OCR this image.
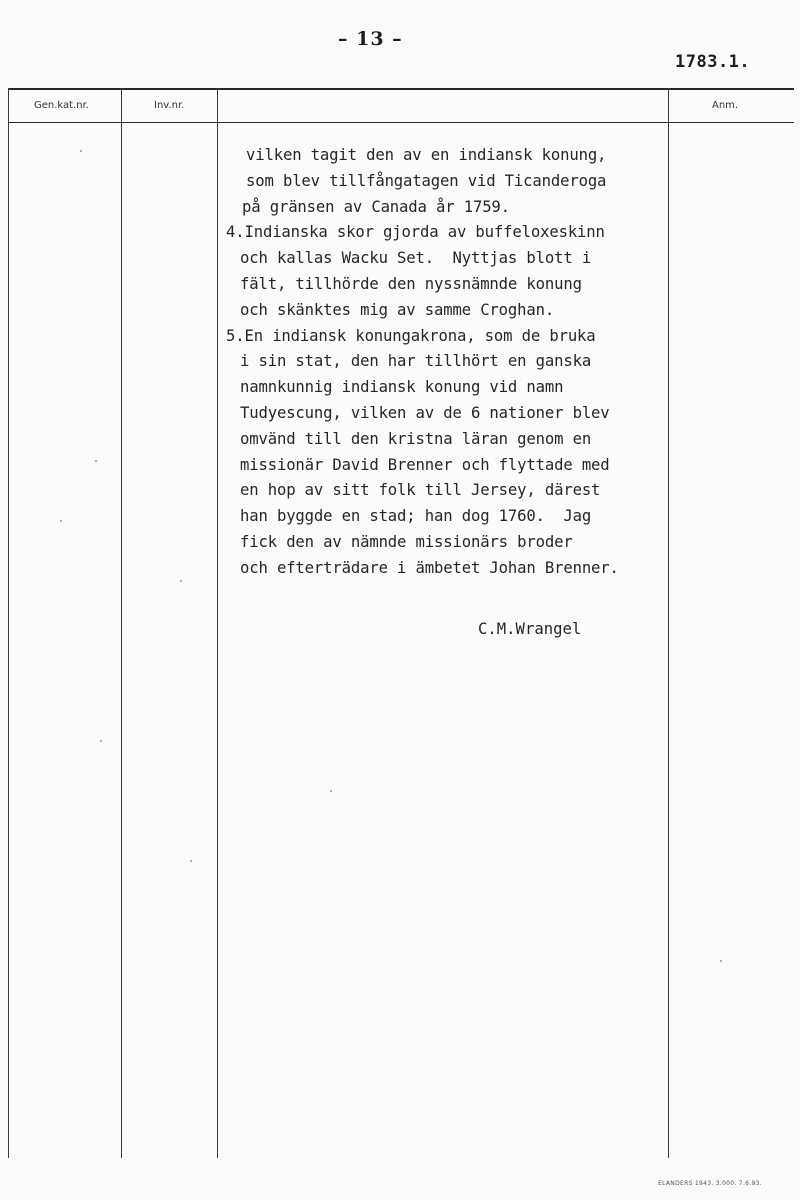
– 13 –
1783.1.
Gen.kat.nr.	Inv.nr.	Anm.
vilken tagit den av en indiansk konung,
som blev tillfångatagen vid Ticanderoga
på gränsen av Canada år 1759.
4.Indianska skor gjorda av buffeloxeskinn
och kallas Wacku Set.  Nyttjas blott i
fält, tillhörde den nyssnämnde konung
och skänktes mig av samme Croghan.
5.En indiansk konungakrona, som de bruka
i sin stat, den har tillhört en ganska
namnkunnig indiansk konung vid namn
Tudyescung, vilken av de 6 nationer blev
omvänd till den kristna läran genom en
missionär David Brenner och flyttade med
en hop av sitt folk till Jersey, därest
han byggde en stad; han dog 1760.  Jag
fick den av nämnde missionärs broder
och efterträdare i ämbetet Johan Brenner.
C.M.Wrangel
ELANDERS 1943. 3.000. 7.6.93.
